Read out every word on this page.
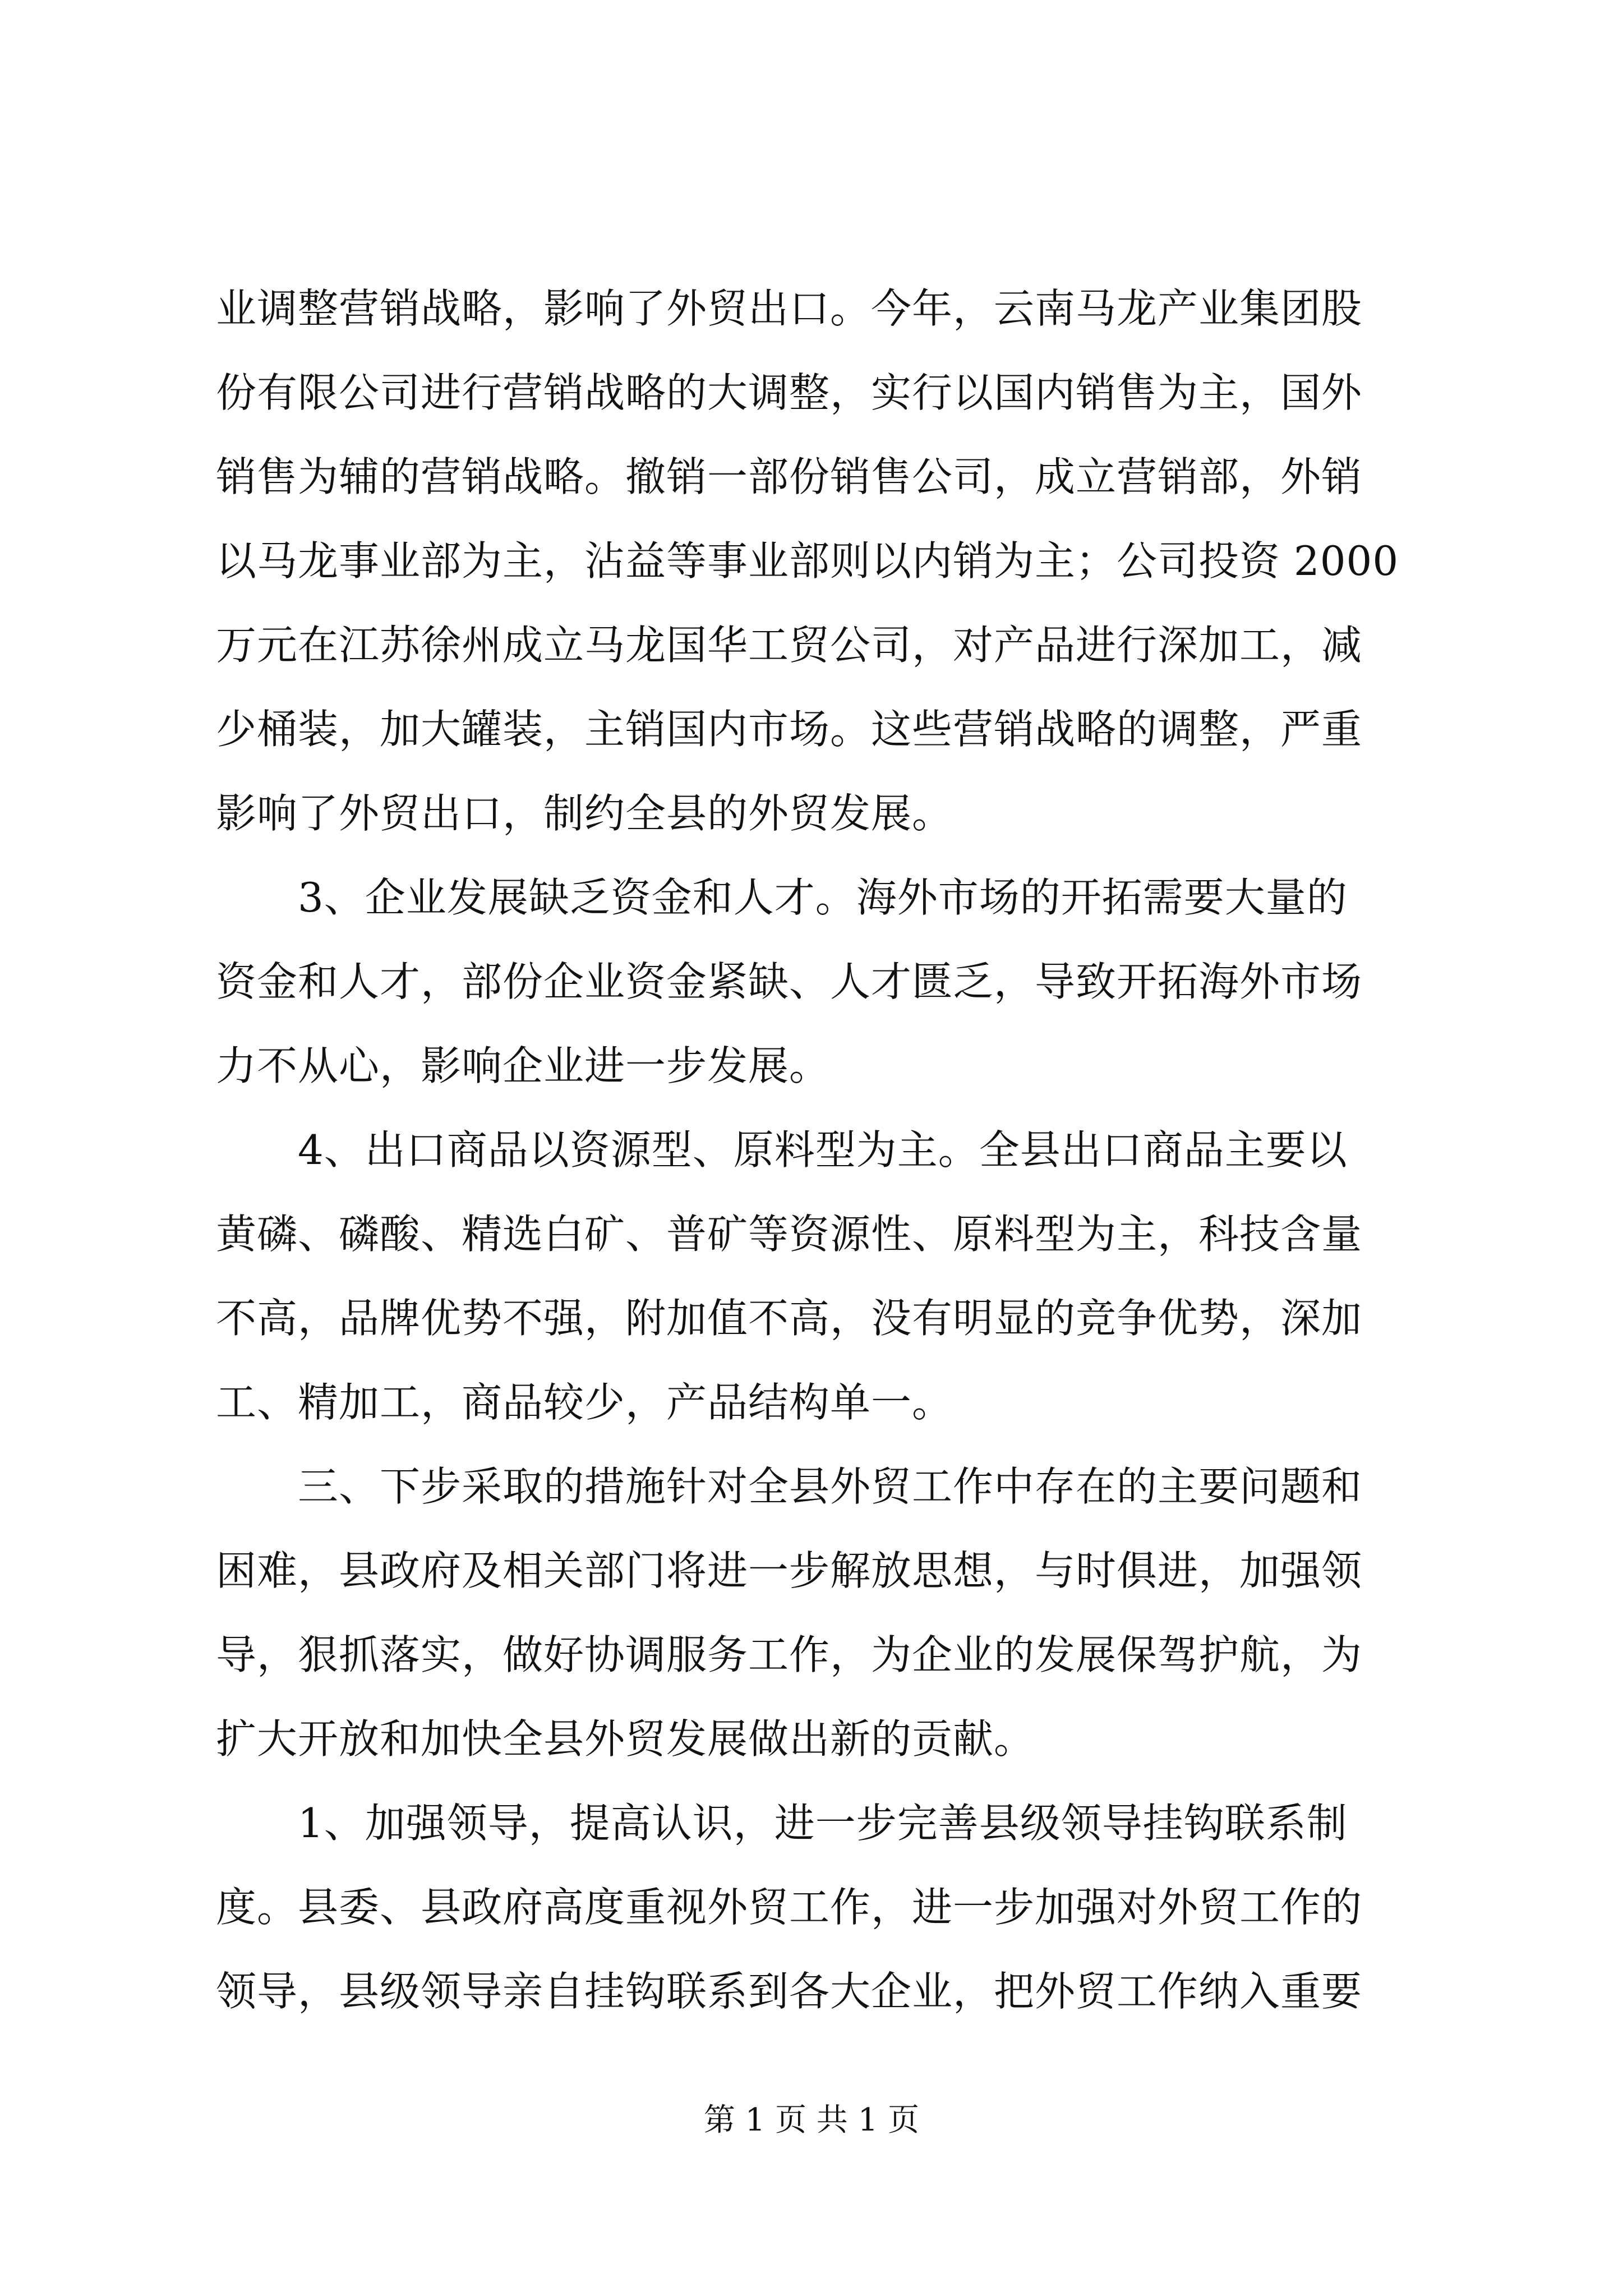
业调整营销战略，影响了外贸出口。今年，云南马龙产业集团股
份有限公司进行营销战略的大调整，实行以国内销售为主，国外
销售为辅的营销战略。撤销一部份销售公司，成立营销部，外销
以马龙事业部为主，沾益等事业部则以内销为主；公司投资 2000
万元在江苏徐州成立马龙国华工贸公司，对产品进行深加工，减
少桶装，加大罐装，主销国内市场。这些营销战略的调整，严重
影响了外贸出口，制约全县的外贸发展。
　　3、企业发展缺乏资金和人才。海外市场的开拓需要大量的
资金和人才，部份企业资金紧缺、人才匮乏，导致开拓海外市场
力不从心，影响企业进一步发展。
　　4、出口商品以资源型、原料型为主。全县出口商品主要以
黄磷、磷酸、精选白矿、普矿等资源性、原料型为主，科技含量
不高，品牌优势不强，附加值不高，没有明显的竞争优势，深加
工、精加工，商品较少，产品结构单一。
　　三、下步采取的措施针对全县外贸工作中存在的主要问题和
困难，县政府及相关部门将进一步解放思想，与时俱进，加强领
导，狠抓落实，做好协调服务工作，为企业的发展保驾护航，为
扩大开放和加快全县外贸发展做出新的贡献。
　　1、加强领导，提高认识，进一步完善县级领导挂钩联系制
度。县委、县政府高度重视外贸工作，进一步加强对外贸工作的
领导，县级领导亲自挂钩联系到各大企业，把外贸工作纳入重要
第 1 页 共 1 页
